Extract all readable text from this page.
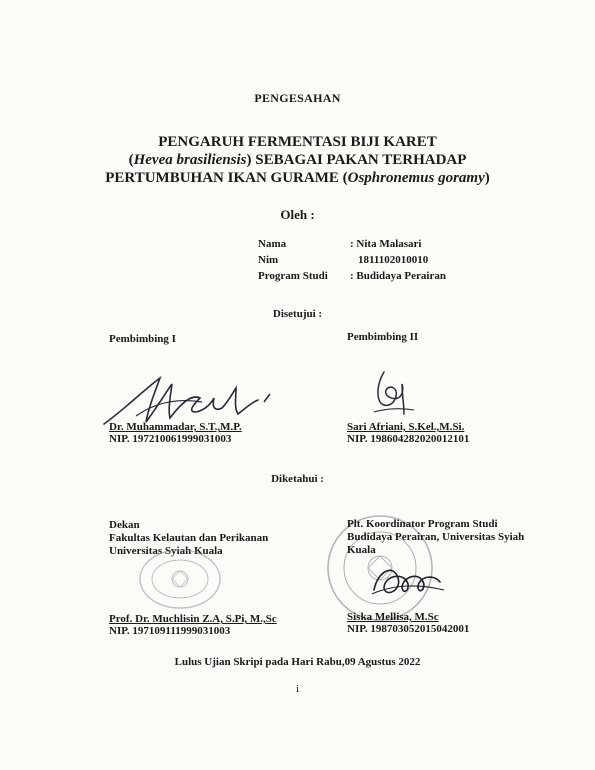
PENGESAHAN
PENGARUH FERMENTASI BIJI KARET
(Hevea brasiliensis) SEBAGAI PAKAN TERHADAP
PERTUMBUHAN IKAN GURAME (Osphronemus goramy)
Oleh :
Nama	: Nita Malasari
Nim	1811102010010
Program Studi	: Budidaya Perairan
Disetujui :
Pembimbing I
Dr. Muhammadar, S.T.,M.P.
NIP. 197210061999031003
Pembimbing II
Sari Afriani, S.Kel.,M.Si.
NIP. 198604282020012101
Diketahui :
Dekan
Fakultas Kelautan dan Perikanan
Universitas Syiah Kuala
Prof. Dr. Muchlisin Z.A, S.Pi, M.,Sc
NIP. 197109111999031003
Plt. Koordinator Program Studi
Budidaya Perairan, Universitas Syiah
Kuala
Siska Mellisa, M.Sc
NIP. 198703052015042001
Lulus Ujian Skripi pada Hari Rabu,09 Agustus 2022
i
